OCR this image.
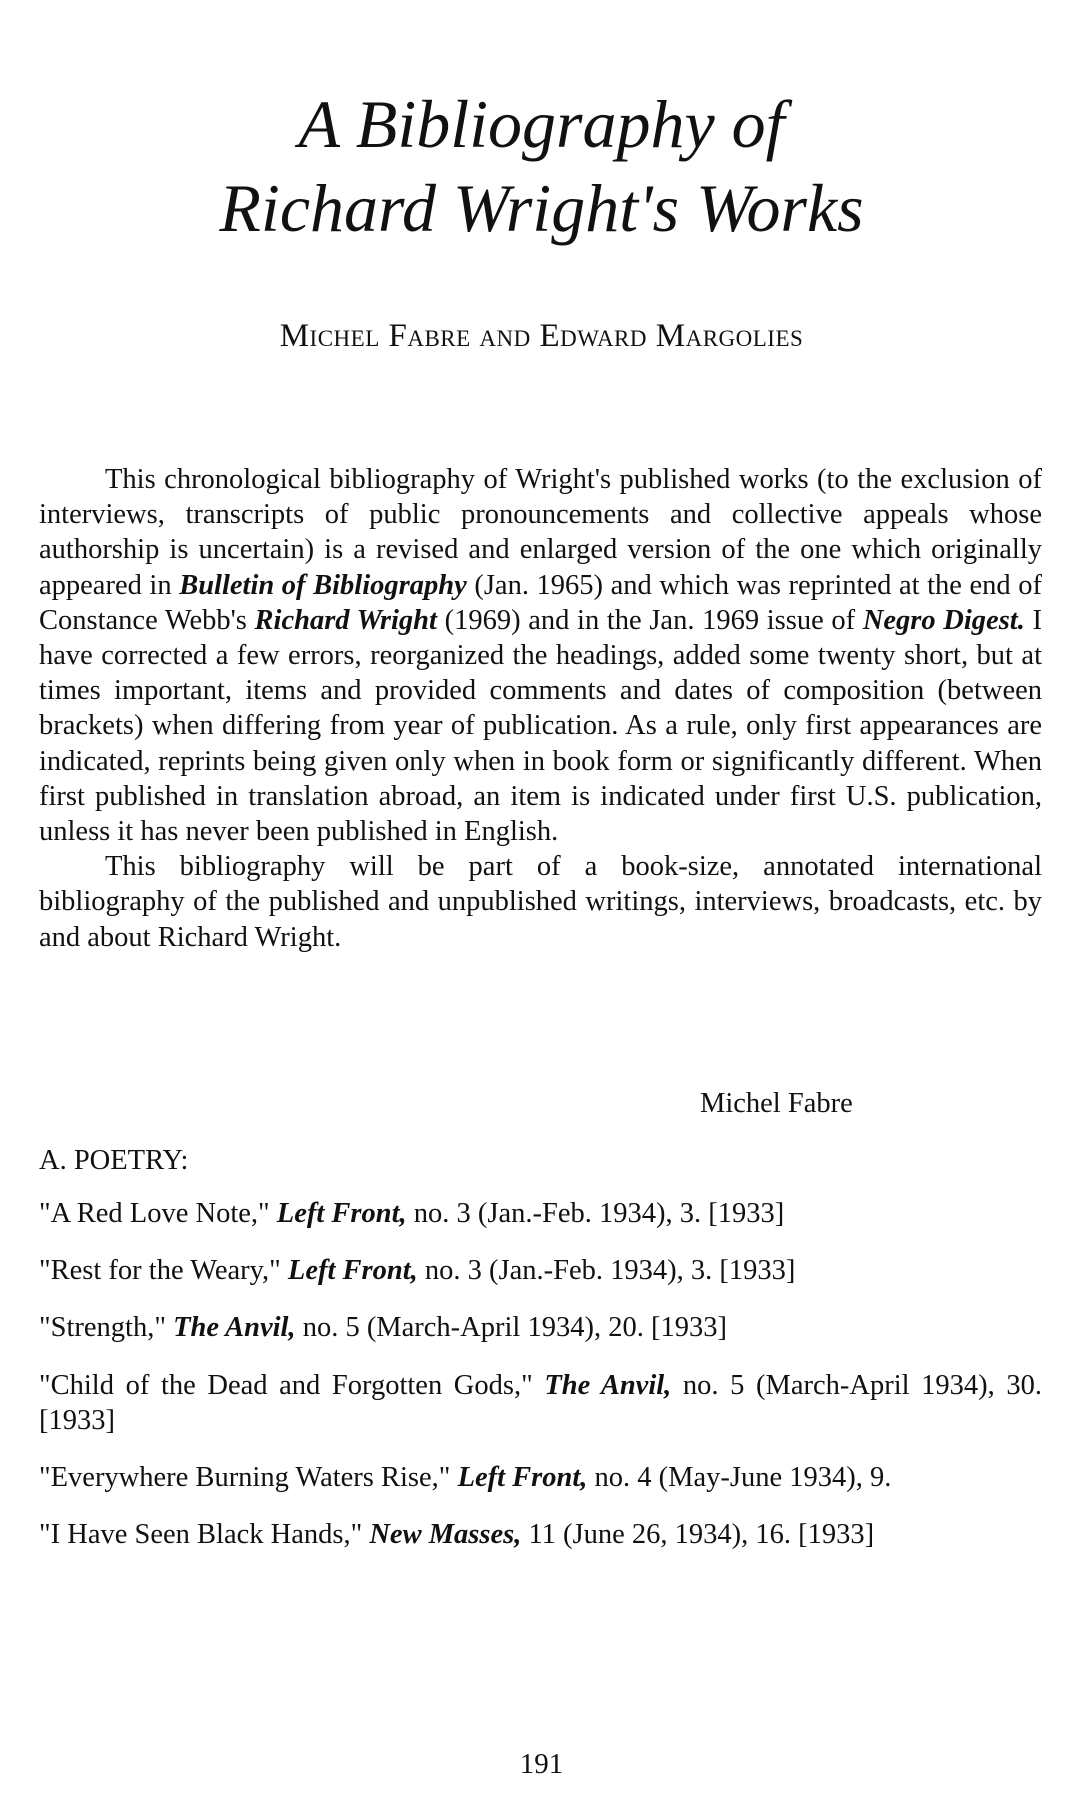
A Bibliography of
Richard Wright's Works
Michel Fabre and Edward Margolies

This chronological bibliography of Wright's published works (to the exclusion of interviews, transcripts of public pronouncements and collective appeals whose authorship is uncertain) is a revised and enlarged version of the one which originally appeared in Bulletin of Bibliography (Jan. 1965) and which was reprinted at the end of Constance Webb's Richard Wright (1969) and in the Jan. 1969 issue of Negro Digest. I have corrected a few errors, reorganized the headings, added some twenty short, but at times important, items and provided comments and dates of composition (between brackets) when differing from year of publication. As a rule, only first appearances are indicated, reprints being given only when in book form or significantly different. When first published in translation abroad, an item is indicated under first U.S. publication, unless it has never been published in English.

This bibliography will be part of a book-size, annotated international bibliography of the published and unpublished writings, interviews, broadcasts, etc. by and about Richard Wright.

Michel Fabre
A. POETRY:

"A Red Love Note," Left Front, no. 3 (Jan.-Feb. 1934), 3. [1933]

"Rest for the Weary," Left Front, no. 3 (Jan.-Feb. 1934), 3. [1933]

"Strength," The Anvil, no. 5 (March-April 1934), 20. [1933]

"Child of the Dead and Forgotten Gods," The Anvil, no. 5 (March-April 1934), 30. [1933]

"Everywhere Burning Waters Rise," Left Front, no. 4 (May-June 1934), 9.

"I Have Seen Black Hands," New Masses, 11 (June 26, 1934), 16. [1933]

191
